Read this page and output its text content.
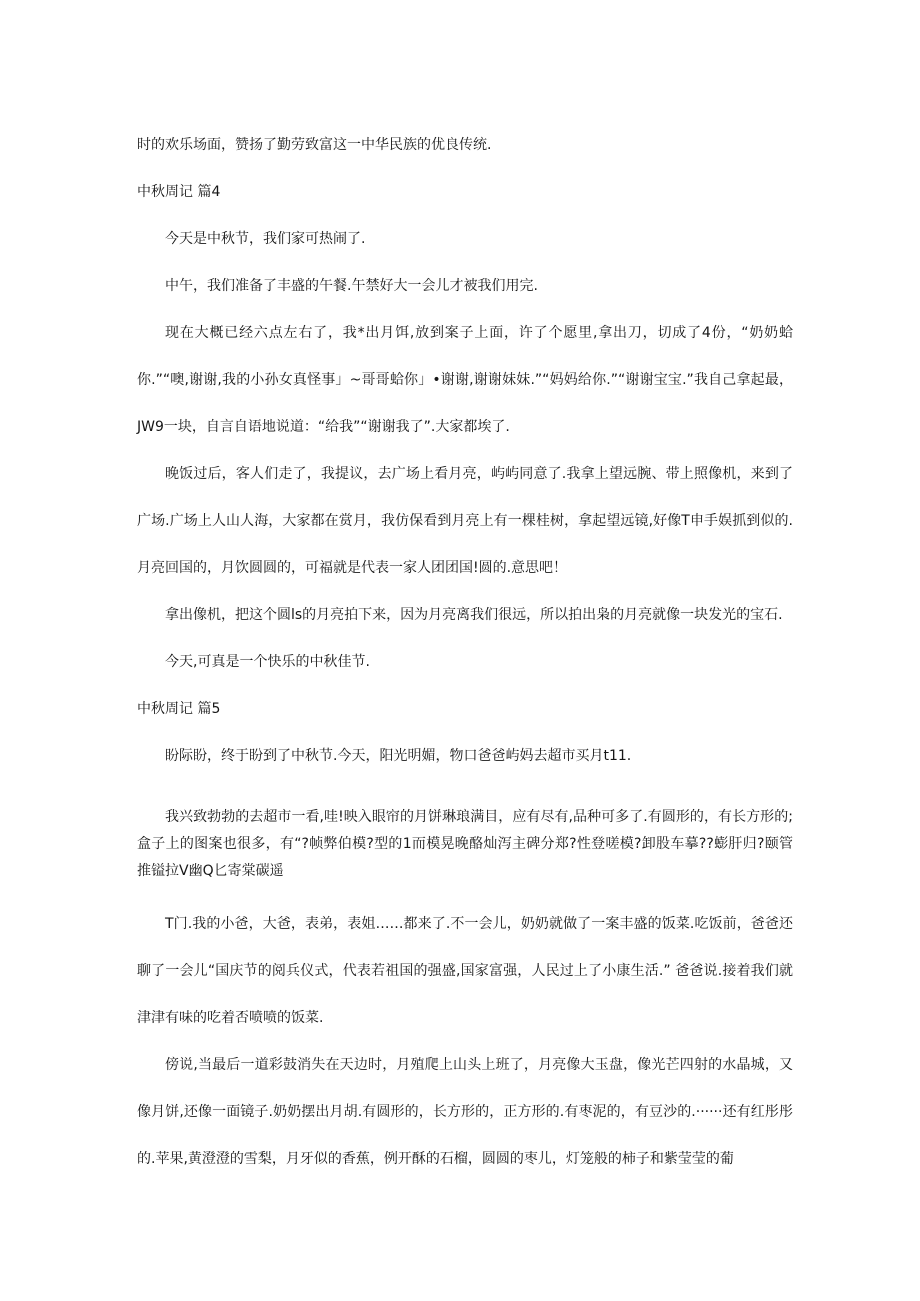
时的欢乐场面，赞扬了勤劳致富这一中华民族的优良传统.

中秋周记 篇4

今天是中秋节，我们家可热闹了.

中午，我们准备了丰盛的午餐.午禁好大一会儿才被我们用完.

现在大概已经六点左右了，我*出月饵,放到案子上面，许了个愿里,拿出刀，切成了4份，“奶奶蛤你.”“噢,谢谢,我的小孙女真怪事」~哥哥蛤你」•谢谢,谢谢妹妹.”“妈妈给你.”“谢谢宝宝.”我自己拿起最，JW9一块，自言自语地说道：“给我”“谢谢我了”.大家都埃了.

晚饭过后，客人们走了，我提议，去广场上看月亮，屿屿同意了.我拿上望远腕、带上照像机，来到了广场.广场上人山人海，大家都在赏月，我仿保看到月亮上有一棵桂树，拿起望远镜,好像T申手娱抓到似的.月亮回国的，月饮圆圆的，可福就是代表一家人团团国!圆的.意思吧！

拿出像机，把这个圆ls的月亮拍下来，因为月亮离我们很远，所以拍出枭的月亮就像一块发光的宝石.

今天,可真是一个快乐的中秋佳节.

中秋周记 篇5

盼际盼，终于盼到了中秋节.今天，阳光明媚，物口爸爸屿妈去超市买月t11.

我兴致勃勃的去超市一看,哇!映入眼帘的月饼琳琅满目，应有尽有,品种可多了.有圆形的，有长方形的;盒子上的图案也很多，有“?帧弊伯模?型的1而模晃晚酪灿泻主碑分郑?性登嗟模?卸股车摹??蟛肝归?颐管推镒拉V幽Q匕寄棠碳遥

T门.我的小爸，大爸，表弟，表姐……都来了.不一会儿，奶奶就做了一案丰盛的饭菜.吃饭前，爸爸还聊了一会儿“国庆节的阅兵仪式，代表若祖国的强盛,国家富强，人民过上了小康生活.” 爸爸说.接着我们就津津有味的吃着否喷喷的饭菜.

傍说,当最后一道彩鼓消失在天边时，月殖爬上山头上班了，月亮像大玉盘，像光芒四射的水晶城，又像月饼,还像一面镜子.奶奶摆出月胡.有圆形的，长方形的，正方形的.有枣泥的，有豆沙的.······还有红彤彤的.苹果,黄澄澄的雪梨，月牙似的香蕉，例开酥的石榴，圆圆的枣儿，灯笼般的柿子和紫莹莹的葡
